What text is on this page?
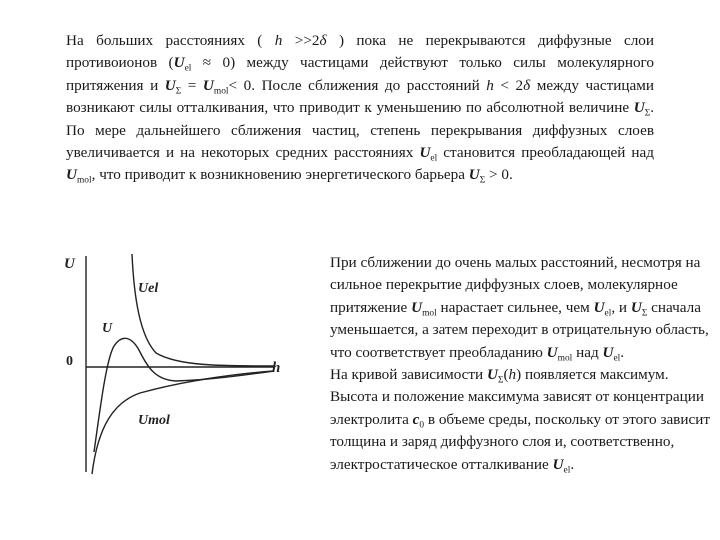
На больших расстояниях ( h >>2δ ) пока не перекрываются диффузные слои противоионов $(U_{el} \approx 0)$ между частицами действуют только силы молекулярного притяжения и $U_\Sigma = U_{mol}< 0$. После сближения до расстояний h < 2δ между частицами возникают силы отталкивания, что приводит к уменьшению по абсолютной величине $U_\Sigma$. По мере дальнейшего сближения частиц, степень перекрывания диффузных слоев увеличивается и на некоторых средних расстояниях $U_{el}$ становится преобладающей над $U_{mol}$, что приводит к возникновению энергетического барьера $U_\Sigma > 0$.
U
h
0
Uel
U
Umol

При сближении до очень малых расстояний, несмотря на сильное перекрытие диффузных слоев, молекулярное притяжение $U_{mol}$ нарастает сильнее, чем $U_{el}$, и $U_\Sigma$ сначала уменьшается, а затем переходит в отрицательную область, что соответствует преобладанию $U_{mol}$ над $U_{el}$.

На кривой зависимости $U_\Sigma(h)$ появляется максимум. Высота и положение максимума зависят от концентрации электролита $c_0$ в объеме среды, поскольку от этого зависит толщина и заряд диффузного слоя и, соответственно, электростатическое отталкивание $U_{el}$.
